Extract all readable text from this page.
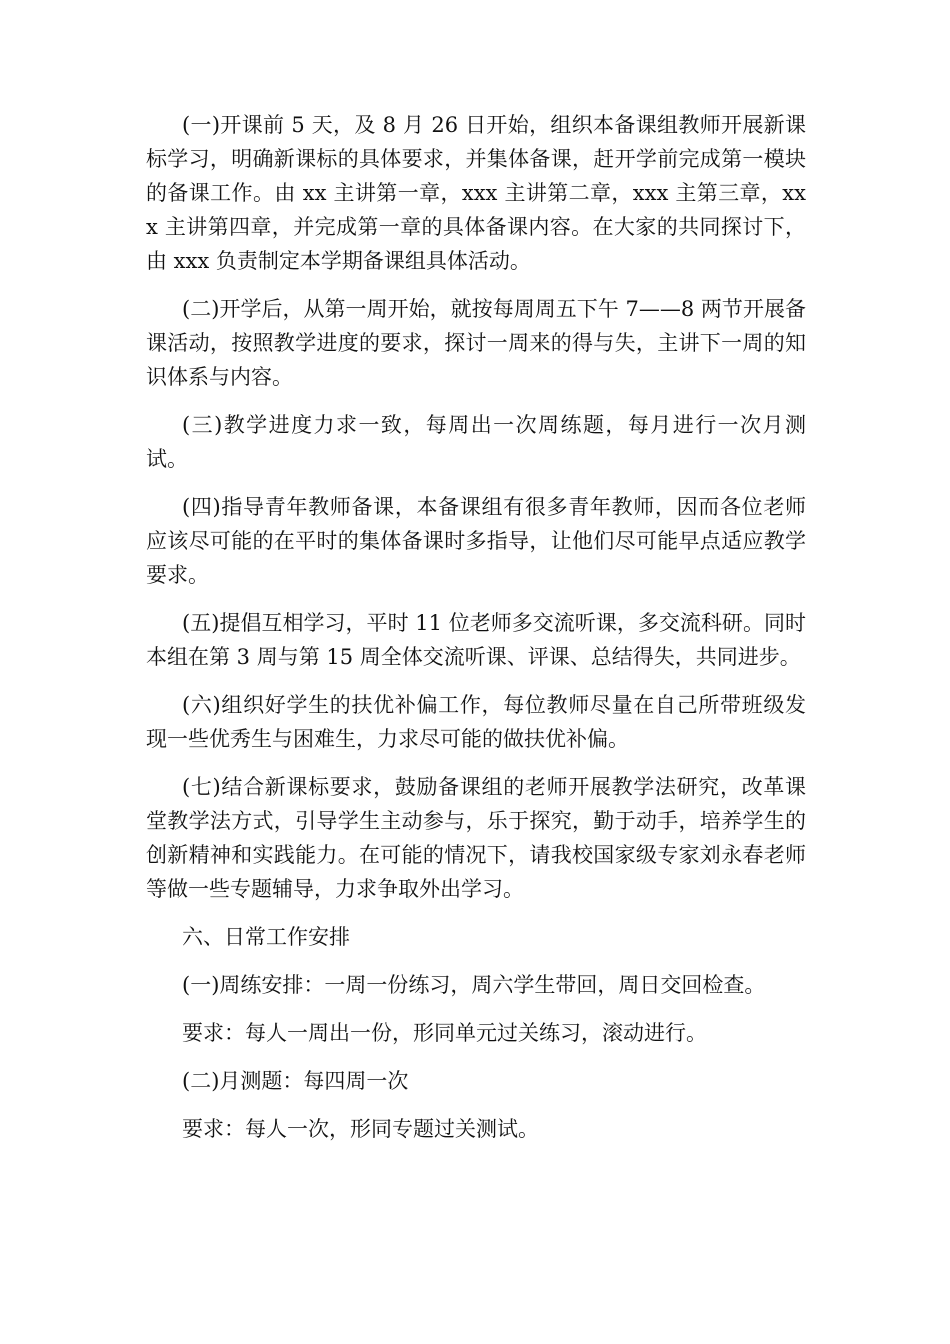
(一)开课前 5 天，及 8 月 26 日开始，组织本备课组教师开展新课标学习，明确新课标的具体要求，并集体备课，赶开学前完成第一模块的备课工作。由 xx 主讲第一章，xxx 主讲第二章，xxx 主第三章，xxx 主讲第四章，并完成第一章的具体备课内容。在大家的共同探讨下，由 xxx 负责制定本学期备课组具体活动。

(二)开学后，从第一周开始，就按每周周五下午 7——8 两节开展备课活动，按照教学进度的要求，探讨一周来的得与失，主讲下一周的知识体系与内容。

(三)教学进度力求一致，每周出一次周练题，每月进行一次月测试。

(四)指导青年教师备课，本备课组有很多青年教师，因而各位老师应该尽可能的在平时的集体备课时多指导，让他们尽可能早点适应教学要求。

(五)提倡互相学习，平时 11 位老师多交流听课，多交流科研。同时本组在第 3 周与第 15 周全体交流听课、评课、总结得失，共同进步。

(六)组织好学生的扶优补偏工作，每位教师尽量在自己所带班级发现一些优秀生与困难生，力求尽可能的做扶优补偏。

(七)结合新课标要求，鼓励备课组的老师开展教学法研究，改革课堂教学法方式，引导学生主动参与，乐于探究，勤于动手，培养学生的创新精神和实践能力。在可能的情况下，请我校国家级专家刘永春老师等做一些专题辅导，力求争取外出学习。

六、日常工作安排

(一)周练安排：一周一份练习，周六学生带回，周日交回检查。

要求：每人一周出一份，形同单元过关练习，滚动进行。

(二)月测题：每四周一次

要求：每人一次，形同专题过关测试。
